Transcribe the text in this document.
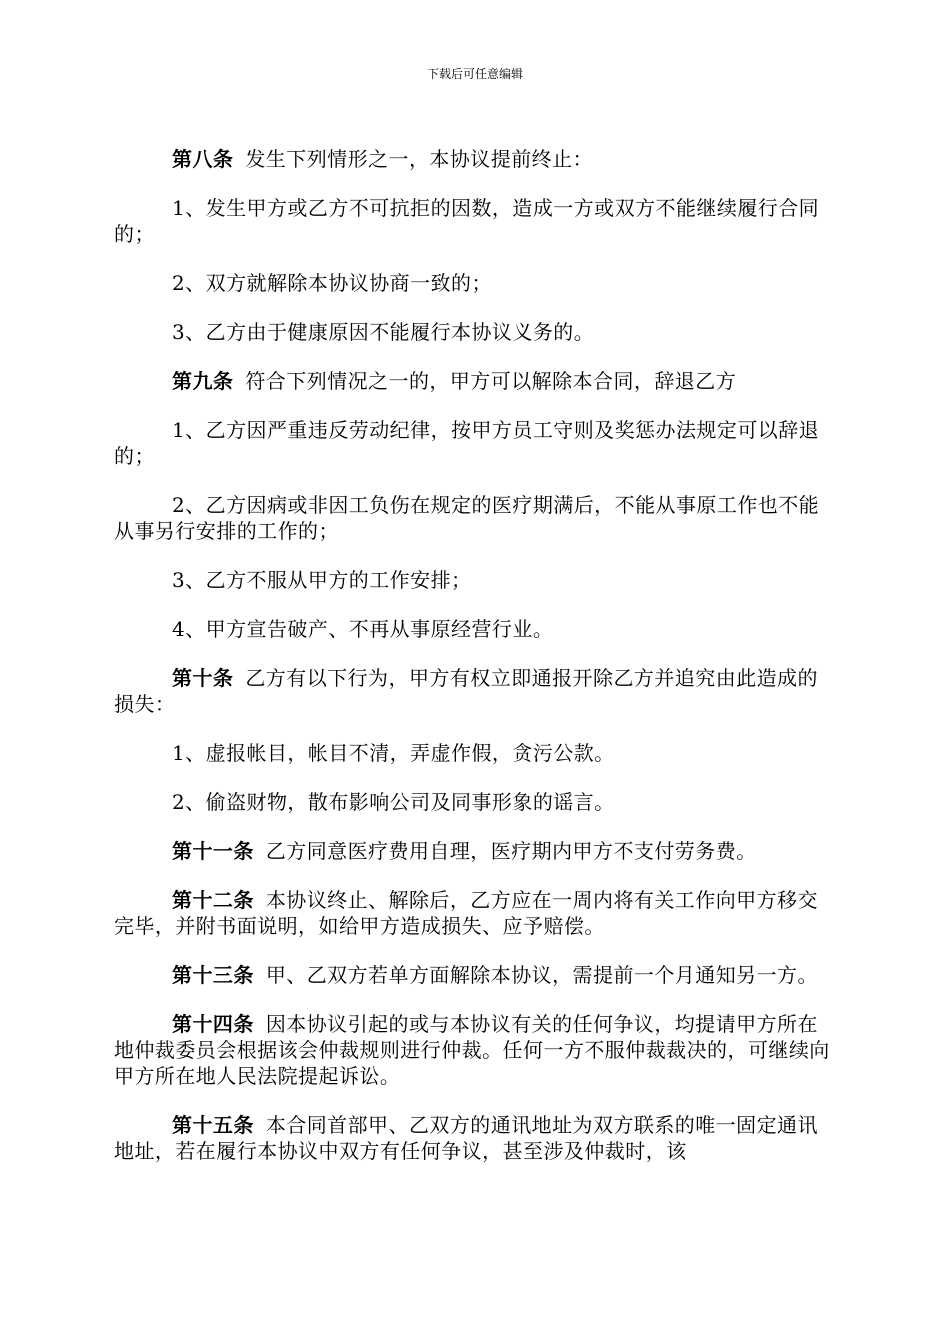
下载后可任意编辑

第八条 发生下列情形之一，本协议提前终止：

1、发生甲方或乙方不可抗拒的因数，造成一方或双方不能继续履行合同的；

2、双方就解除本协议协商一致的；

3、乙方由于健康原因不能履行本协议义务的。

第九条 符合下列情况之一的，甲方可以解除本合同，辞退乙方

1、乙方因严重违反劳动纪律，按甲方员工守则及奖惩办法规定可以辞退的；

2、乙方因病或非因工负伤在规定的医疗期满后，不能从事原工作也不能从事另行安排的工作的；

3、乙方不服从甲方的工作安排；

4、甲方宣告破产、不再从事原经营行业。

第十条 乙方有以下行为，甲方有权立即通报开除乙方并追究由此造成的损失：

1、虚报帐目，帐目不清，弄虚作假，贪污公款。

2、偷盗财物，散布影响公司及同事形象的谣言。

第十一条 乙方同意医疗费用自理，医疗期内甲方不支付劳务费。

第十二条 本协议终止、解除后，乙方应在一周内将有关工作向甲方移交完毕，并附书面说明，如给甲方造成损失、应予赔偿。

第十三条 甲、乙双方若单方面解除本协议，需提前一个月通知另一方。

第十四条 因本协议引起的或与本协议有关的任何争议，均提请甲方所在地仲裁委员会根据该会仲裁规则进行仲裁。任何一方不服仲裁裁决的，可继续向甲方所在地人民法院提起诉讼。

第十五条 本合同首部甲、乙双方的通讯地址为双方联系的唯一固定通讯地址，若在履行本协议中双方有任何争议，甚至涉及仲裁时，该
